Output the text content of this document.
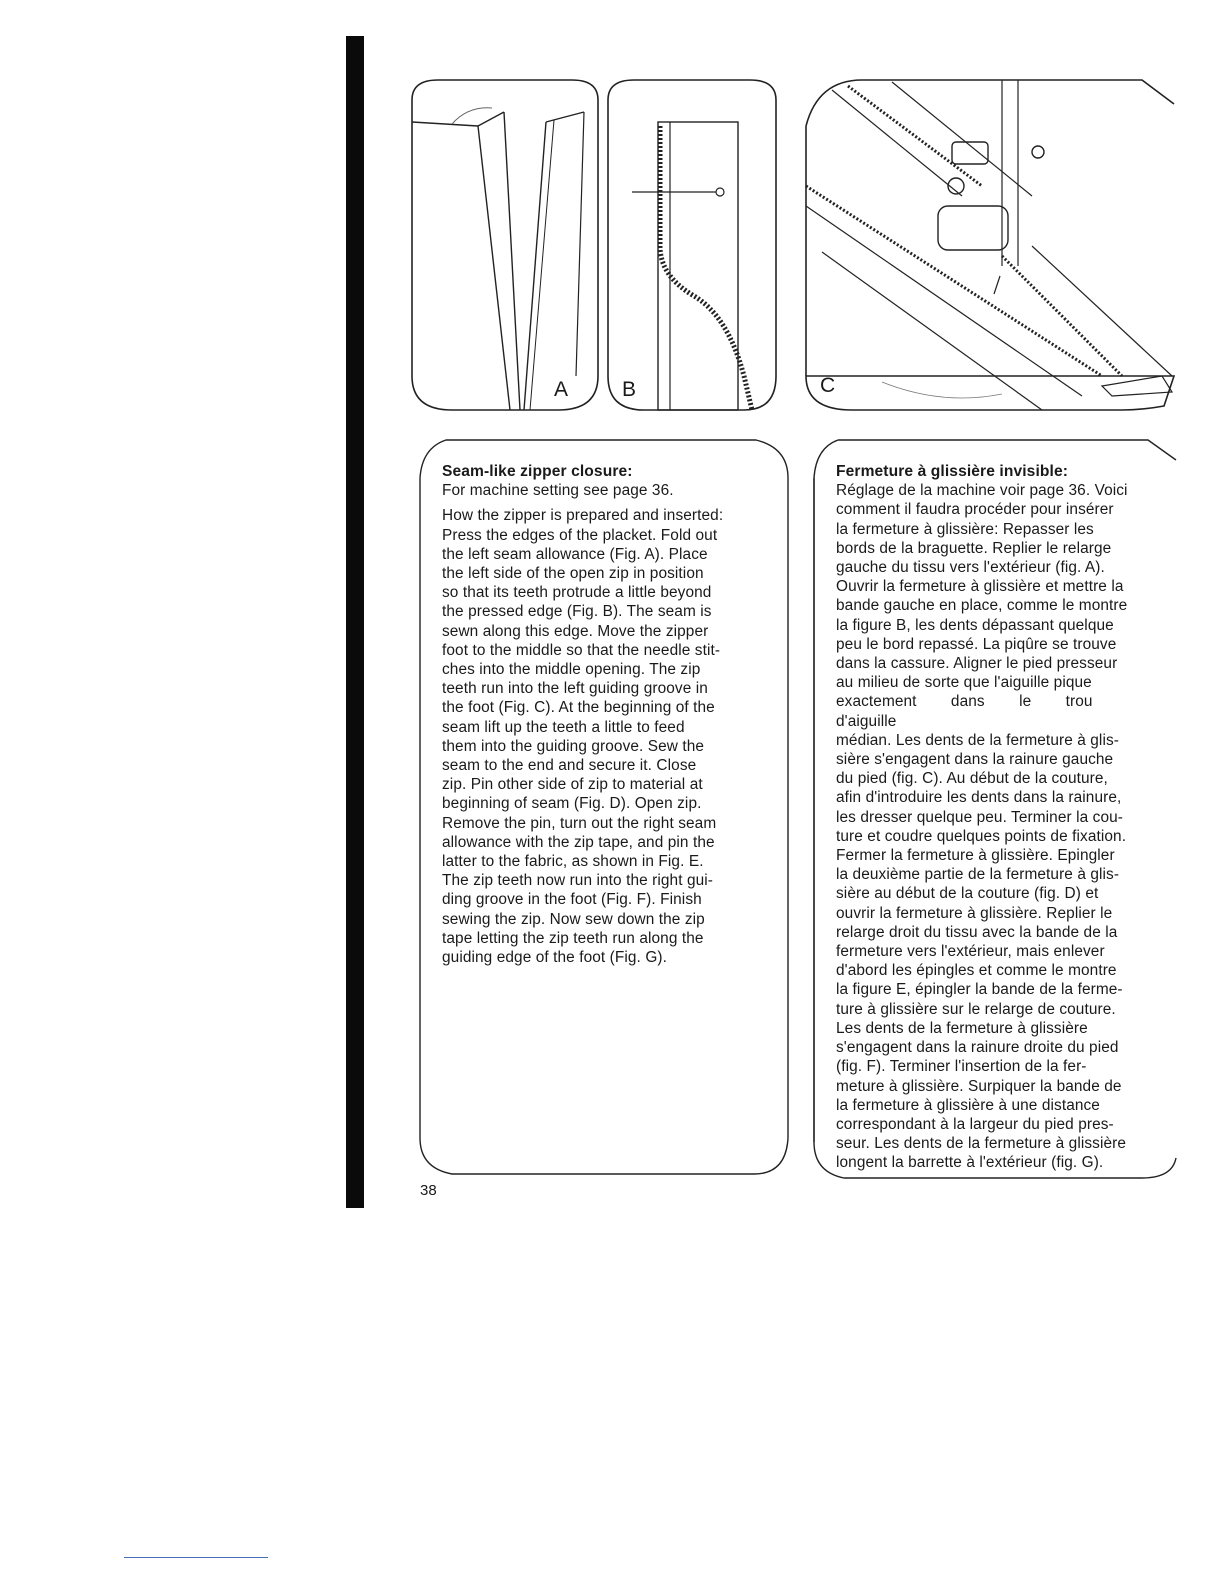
A	B	C
Seam-like zipper closure:

For machine setting see page 36.

How the zipper is prepared and inserted:

Press the edges of the placket. Fold out

the left seam allowance (Fig. A). Place

the left side of the open zip in position

so that its teeth protrude a little beyond

the pressed edge (Fig. B). The seam is

sewn along this edge. Move the zipper

foot to the middle so that the needle stit-

ches into the middle opening. The zip

teeth run into the left guiding groove in

the foot (Fig. C). At the beginning of the

seam lift up the teeth a little to feed

them into the guiding groove. Sew the

seam to the end and secure it. Close

zip. Pin other side of zip to material at

beginning of seam (Fig. D). Open zip.

Remove the pin, turn out the right seam

allowance with the zip tape, and pin the

latter to the fabric, as shown in Fig. E.

The zip teeth now run into the right gui-

ding groove in the foot (Fig. F). Finish

sewing the zip. Now sew down the zip

tape letting the zip teeth run along the

guiding edge of the foot (Fig. G).

Fermeture à glissière invisible:

Réglage de la machine voir page 36. Voici

comment il faudra procéder pour insérer

la fermeture à glissière: Repasser les

bords de la braguette. Replier le relarge

gauche du tissu vers l'extérieur (fig. A).

Ouvrir la fermeture à glissière et mettre la

bande gauche en place, comme le montre

la figure B, les dents dépassant quelque

peu le bord repassé. La piqûre se trouve

dans la cassure. Aligner le pied presseur

au milieu de sorte que l'aiguille pique

exactement dans le trou d'aiguille

médian. Les dents de la fermeture à glis-

sière s'engagent dans la rainure gauche

du pied (fig. C). Au début de la couture,

afin d'introduire les dents dans la rainure,

les dresser quelque peu. Terminer la cou-

ture et coudre quelques points de fixation.

Fermer la fermeture à glissière. Epingler

la deuxième partie de la fermeture à glis-

sière au début de la couture (fig. D) et

ouvrir la fermeture à glissière. Replier le

relarge droit du tissu avec la bande de la

fermeture vers l'extérieur, mais enlever

d'abord les épingles et comme le montre

la figure E, épingler la bande de la ferme-

ture à glissière sur le relarge de couture.

Les dents de la fermeture à glissière

s'engagent dans la rainure droite du pied

(fig. F). Terminer l'insertion de la fer-

meture à glissière. Surpiquer la bande de

la fermeture à glissière à une distance

correspondant à la largeur du pied pres-

seur. Les dents de la fermeture à glissière

longent la barrette à l'extérieur (fig. G).

38
